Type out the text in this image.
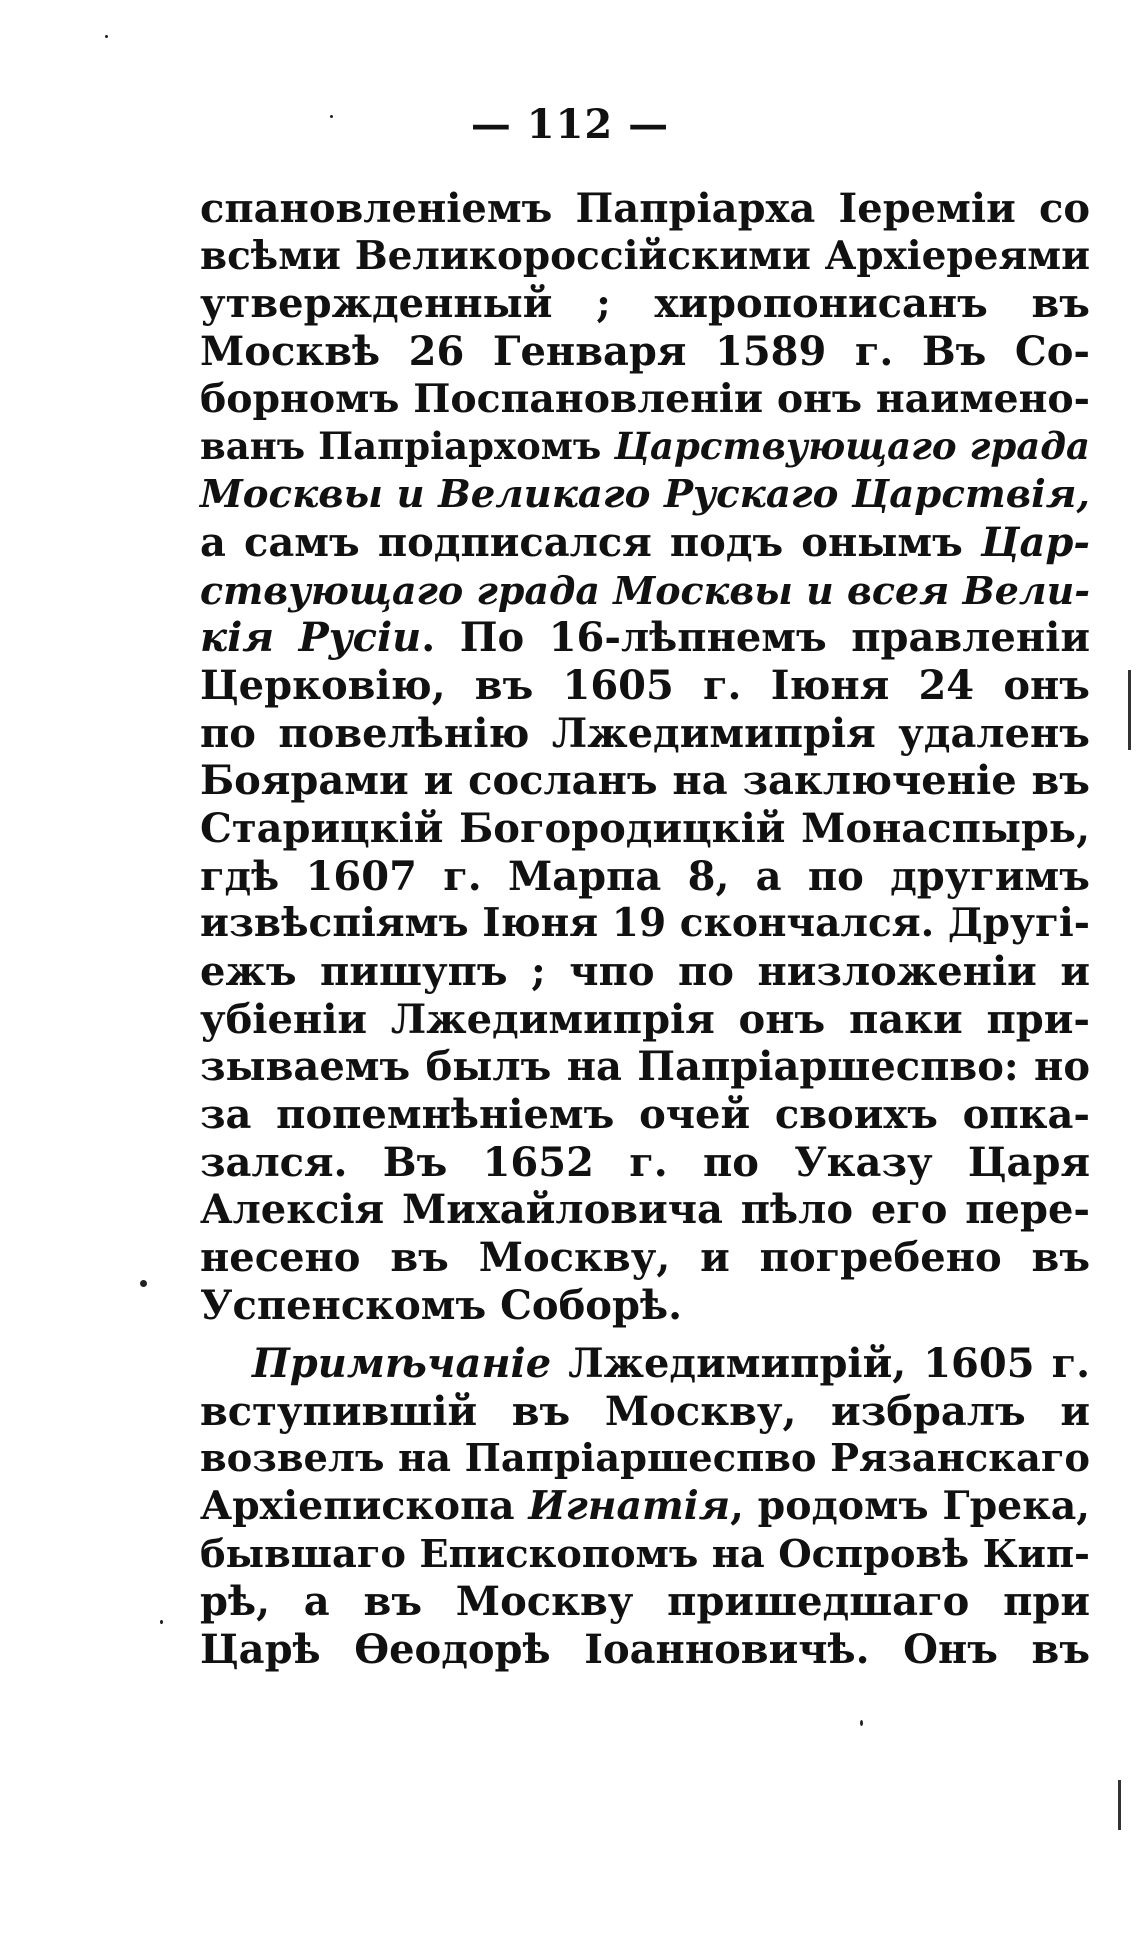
— 112 —
спановленіемъ Папріарха Іереміи со
всѣми Великороссійскими Архіереями
утвержденный ; хиропонисанъ въ
Москвѣ 26 Генваря 1589 г. Въ Со-
борномъ Поспановленіи онъ наимено-
ванъ Папріархомъ Царствующаго града
Москвы и Великаго Рускаго Царствія,
а самъ подписался подъ онымъ Цар-
ствующаго града Москвы и всея Вели-
кія Русіи. По 16-лѣпнемъ правленіи
Церковію, въ 1605 г. Іюня 24 онъ
по повелѣнію Лжедимипрія удаленъ
Боярами и сосланъ на заключеніе въ
Старицкій Богородицкій Монаспырь,
гдѣ 1607 г. Марпа 8, а по другимъ
извѣспіямъ Іюня 19 скончался. Другі-
ежъ пишупъ ; чпо по низложеніи и
убіеніи Лжедимипрія онъ паки при-
зываемъ былъ на Папріаршеспво: но
за попемнѣніемъ очей своихъ опка-
зался. Въ 1652 г. по Указу Царя
Алексія Михайловича пѣло его пере-
несено въ Москву, и погребено въ
Успенскомъ Соборѣ.
Примѣчаніе Лжедимипрій, 1605 г.
вступившій въ Москву, избралъ и
возвелъ на Папріаршеспво Рязанскаго
Архіепископа Игнатія, родомъ Грека,
бывшаго Епископомъ на Оспровѣ Кип-
рѣ, а въ Москву пришедшаго при
Царѣ Өеодорѣ Іоанновичѣ. Онъ въ
